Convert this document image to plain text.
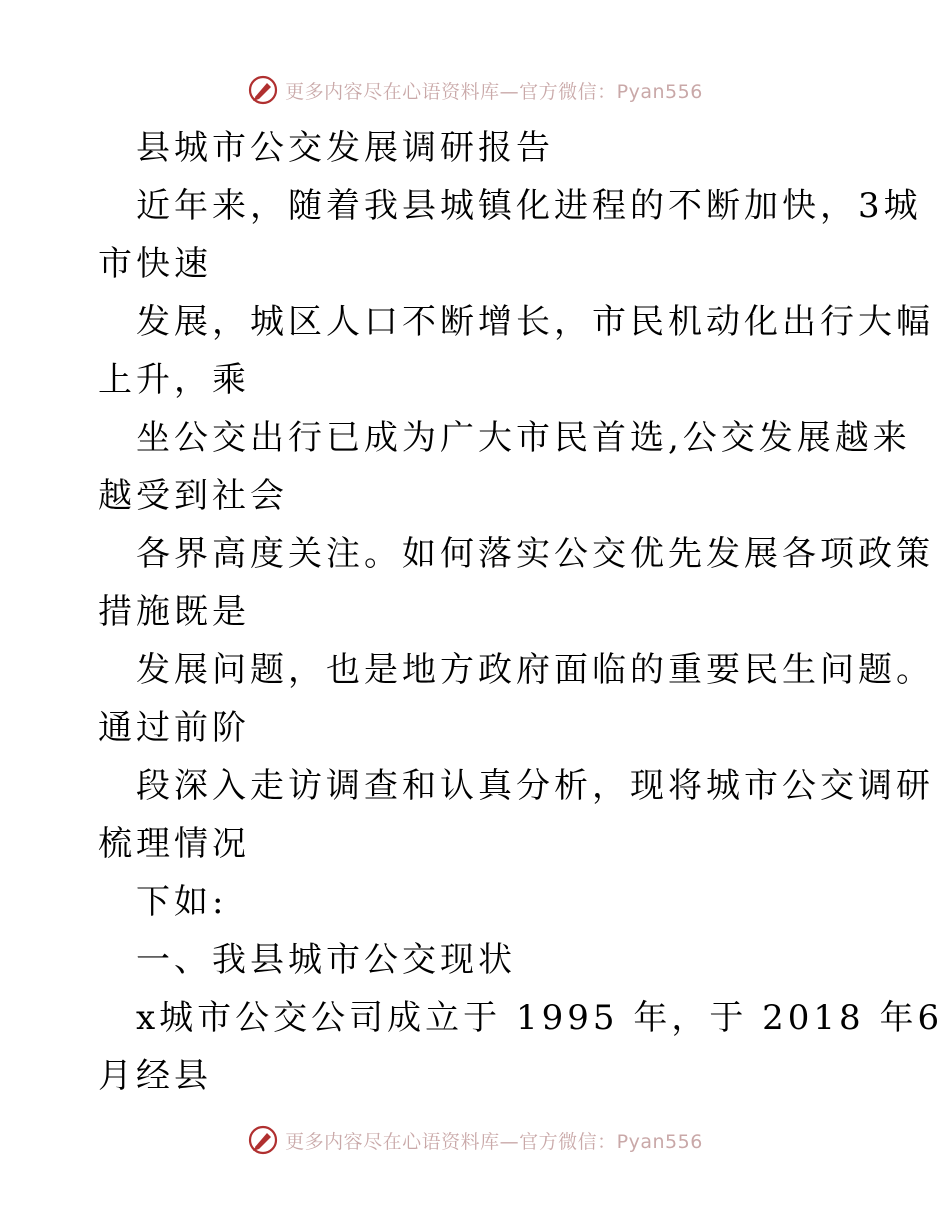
更多内容尽在心语资料库—官方微信：Pyan556
县城市公交发展调研报告
近年来，随着我县城镇化进程的不断加快，3城
市快速
发展，城区人口不断增长，市民机动化出行大幅
上升，乘
坐公交出行已成为广大市民首选,公交发展越来
越受到社会
各界高度关注。如何落实公交优先发展各项政策
措施既是
发展问题，也是地方政府面临的重要民生问题。
通过前阶
段深入走访调查和认真分析，现将城市公交调研
梳理情况
下如:
一、我县城市公交现状
x城市公交公司成立于 1995 年，于 2018 年6
月经县
更多内容尽在心语资料库—官方微信：Pyan556
